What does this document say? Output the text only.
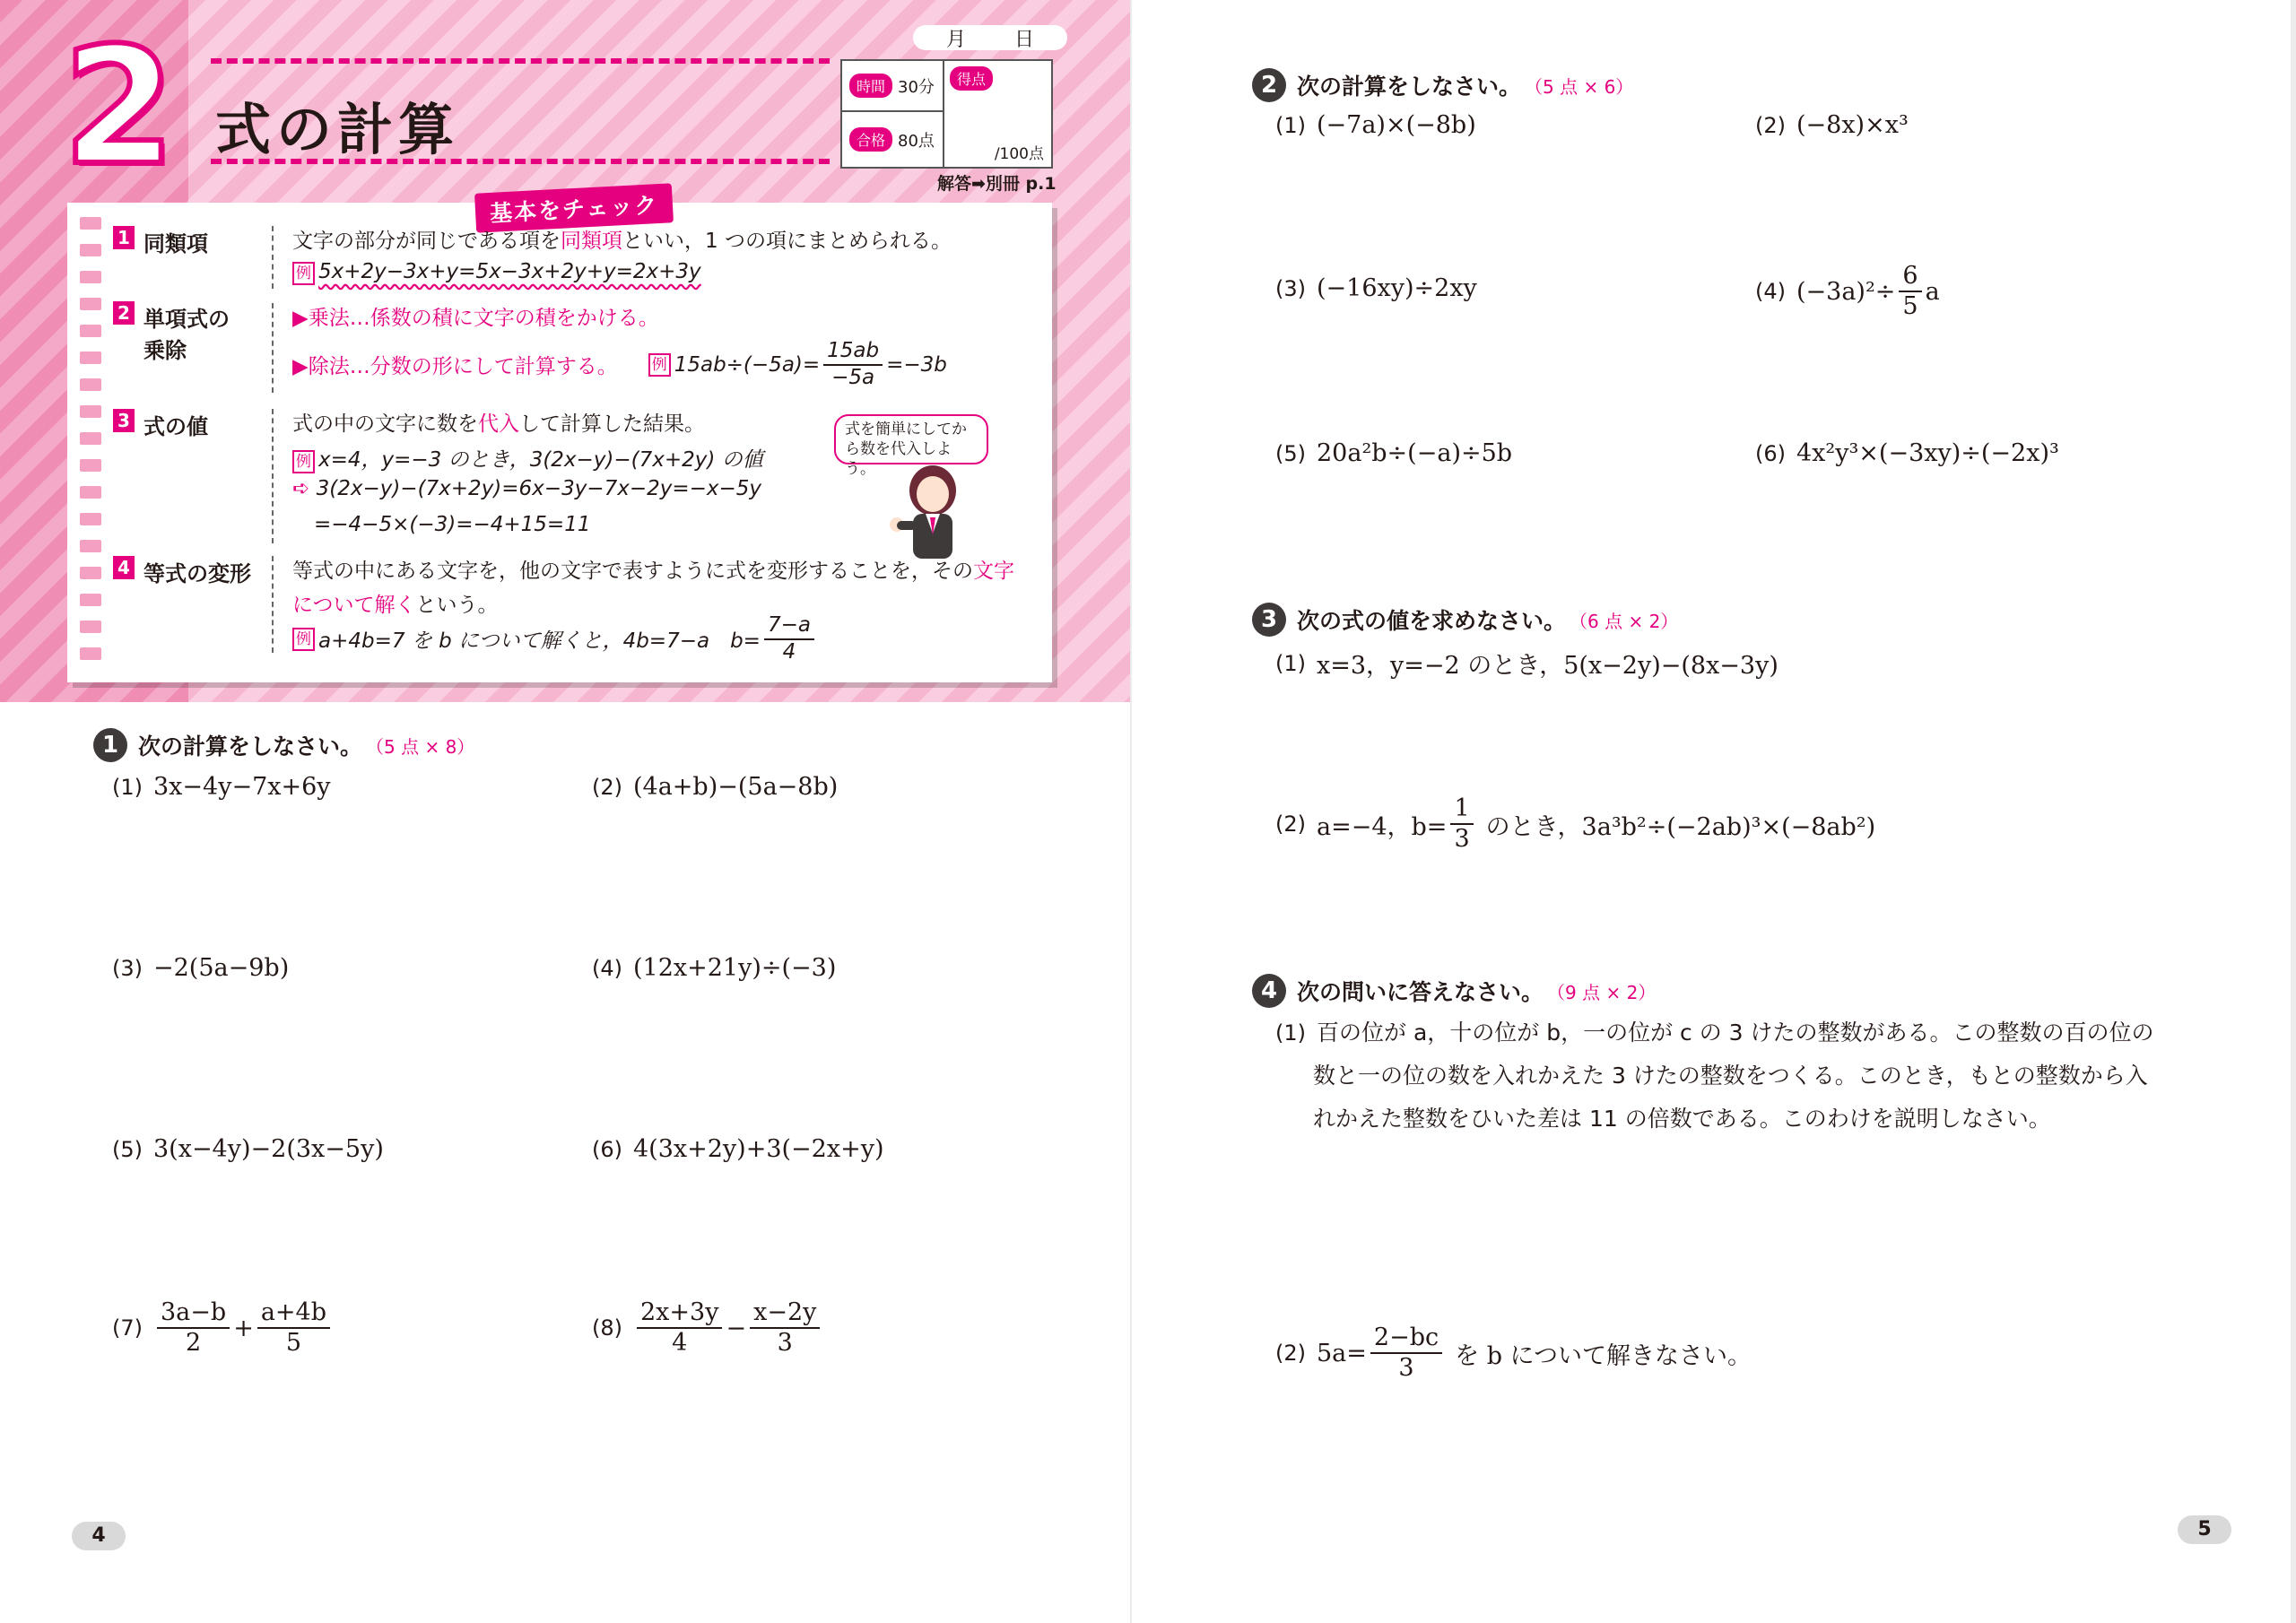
2 式の計算
月 日
時間 30分
合格 80点
得点
/100点
解答➡別冊 p.1
基本をチェック
1 同類項	文字の部分が同じである項を同類項といい，1 つの項にまとめられる。
例 5x+2y−3x+y=5x−3x+2y+y=2x+3y
2 単項式の
乗除
▶乗法…係数の積に文字の積をかける。
▶除法…分数の形にして計算する。 例 $15ab\div(-5a)= \frac{15ab}{-5a} =-3b$
3 式の値	式の中の文字に数を代入して計算した結果。
例 x=4，y=−3 のとき，3(2x−y)−(7x+2y) の値
➪ 3(2x−y)−(7x+2y)=6x−3y−7x−2y=−x−5y
=−4−5×(−3)=−4+15=11
式を簡単にしてから数を代入しよう。
4 等式の変形 等式の中にある文字を，他の文字で表すように式を変形することを，その文字
について解くという。
例 a+4b=7 を b について解くと，4b=7−a　$b= \frac{7-a}{4}$
1 次の計算をしなさい。 （5 点 × 8）
(1) 3x−4y−7x+6y	(2) (4a+b)−(5a−8b)
(3) −2(5a−9b)	(4) (12x+21y)÷(−3)
(5) 3(x−4y)−2(3x−5y)	(6) 4(3x+2y)+3(−2x+y)
$(7) \frac{3a-b}{2} + \frac{a+4b}{5}$	$(8) \frac{2x+3y}{4} - \frac{x-2y}{3}$
4
2 次の計算をしなさい。 （5 点 × 6）
(1) (−7a)×(−8b)	(2) (−8x)×x³
(3) (−16xy)÷2xy	(4) $(-3a)^2\div \frac{6}{5}$ a
(5) 20a²b÷(−a)÷5b	(6) 4x²y³×(−3xy)÷(−2x)³
3 次の式の値を求めなさい。 （6 点 × 2）
(1) x=3，y=−2 のとき，5(x−2y)−(8x−3y)
(2) a=−4，$b= \frac{1}{3}$ のとき，3a³b²÷(−2ab)³×(−8ab²)
4 次の問いに答えなさい。 （9 点 × 2）
(1) 百の位が a，十の位が b，一の位が c の 3 けたの整数がある。この整数の百の位の
数と一の位の数を入れかえた 3 けたの整数をつくる。このとき，もとの整数から入
れかえた整数をひいた差は 11 の倍数である。このわけを説明しなさい。
(2) $5a= \frac{2-bc}{3}$ を b について解きなさい。
5
